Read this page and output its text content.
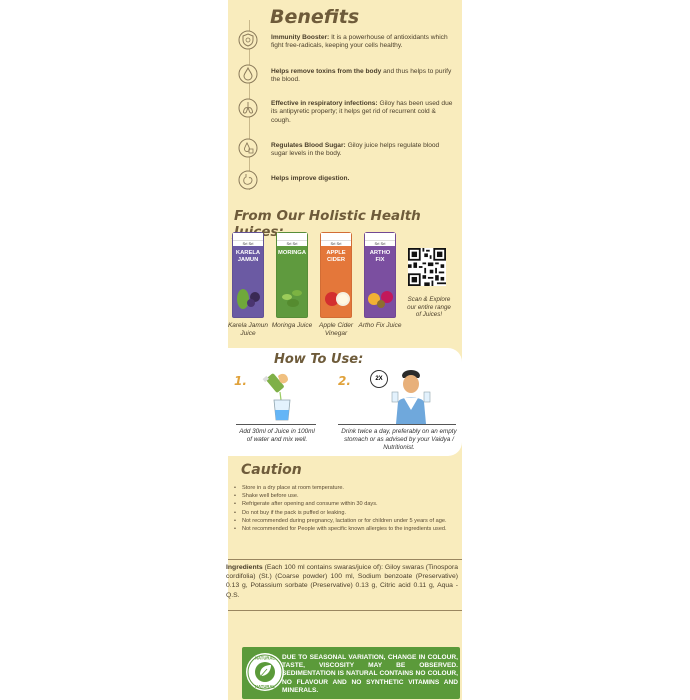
Benefits
Immunity Booster: It is a powerhouse of antioxidants which fight free-radicals, keeping your cells healthy.
Helps remove toxins from the body and thus helps to purify the blood.
Effective in respiratory infections: Giloy has been used due its antipyretic property; it helps get rid of recurrent cold & cough.
Regulates Blood Sugar: Giloy juice helps regulate blood sugar levels in the body.
Helps improve digestion.
From Our Holistic Health
Sri Sri
KARELA JAMUN
Sri Sri
MORINGA
Sri Sri
APPLE CIDER
Sri Sri
ARTHO FIX
Karela Jamun Juice
Moringa Juice	Apple Cider Vinegar
Artho Fix Juice
Scan & Explore our entire range of Juices!
How To Use:
1.
Add 30ml of Juice in 100ml of water and mix well.
2.	2X
Drink twice a day, preferably on an empty stomach or as advised by your Vaidya / Nutritionist.
Caution
• Store in a dry place at room temperature.
• Shake well before use.
• Refrigerate after opening and consume within 30 days.
• Do not buy if the pack is puffed or leaking.
• Not recommended during pregnancy, lactation or for children under 5 years of age.
• Not recommended for People with specific known allergies to the ingredients used.
Ingredients (Each 100 ml contains swaras/juice of): Giloy swaras (Tinospora cordifolia) (St.) (Coarse powder) 100 ml, Sodium benzoate (Preservative) 0.13 g, Potassium sorbate (Preservative) 0.13 g, Citric acid 0.11 g, Aqua - Q.S.
NATURAL
NATURAL
DUE TO SEASONAL VARIATION, CHANGE IN COLOUR, TASTE, VISCOSITY MAY BE OBSERVED. SEDIMENTATION IS NATURAL CONTAINS NO COLOUR, NO FLAVOUR AND NO SYNTHETIC VITAMINS AND MINERALS.
